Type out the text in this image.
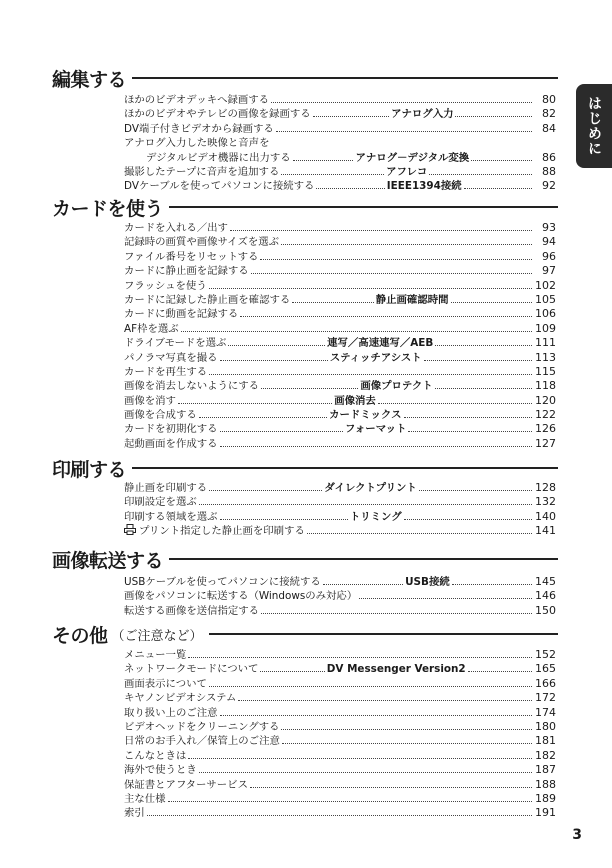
はじめに
編集する
カードを使う
印刷する
画像転送する
その他 （ご注意など）
ほかのビデオデッキへ録画する	80
ほかのビデオやテレビの画像を録画する	アナログ入力	82
DV端子付きビデオから録画する	84
アナログ入力した映像と音声を
デジタルビデオ機器に出力する	アナログ－デジタル変換	86
撮影したテープに音声を追加する	アフレコ	88
DVケーブルを使ってパソコンに接続する	IEEE1394接続	92
カードを入れる／出す	93
記録時の画質や画像サイズを選ぶ	94
ファイル番号をリセットする	96
カードに静止画を記録する	97
フラッシュを使う	102
カードに記録した静止画を確認する	静止画確認時間	105
カードに動画を記録する	106
AF枠を選ぶ	109
ドライブモードを選ぶ	連写／高速連写／AEB	111
パノラマ写真を撮る	スティッチアシスト	113
カードを再生する	115
画像を消去しないようにする	画像プロテクト	118
画像を消す	画像消去	120
画像を合成する	カードミックス	122
カードを初期化する	フォーマット	126
起動画面を作成する	127
静止画を印刷する	ダイレクトプリント	128
印刷設定を選ぶ	132
印刷する領域を選ぶ	トリミング	140
プリント指定した静止画を印刷する	141
USBケーブルを使ってパソコンに接続する	USB接続	145
画像をパソコンに転送する（Windowsのみ対応）	146
転送する画像を送信指定する	150
メニュー一覧	152
ネットワークモードについて	DV Messenger Version2	165
画面表示について	166
キヤノンビデオシステム	172
取り扱い上のご注意	174
ビデオヘッドをクリーニングする	180
日常のお手入れ／保管上のご注意	181
こんなときは	182
海外で使うとき	187
保証書とアフターサービス	188
主な仕様	189
索引	191
3
